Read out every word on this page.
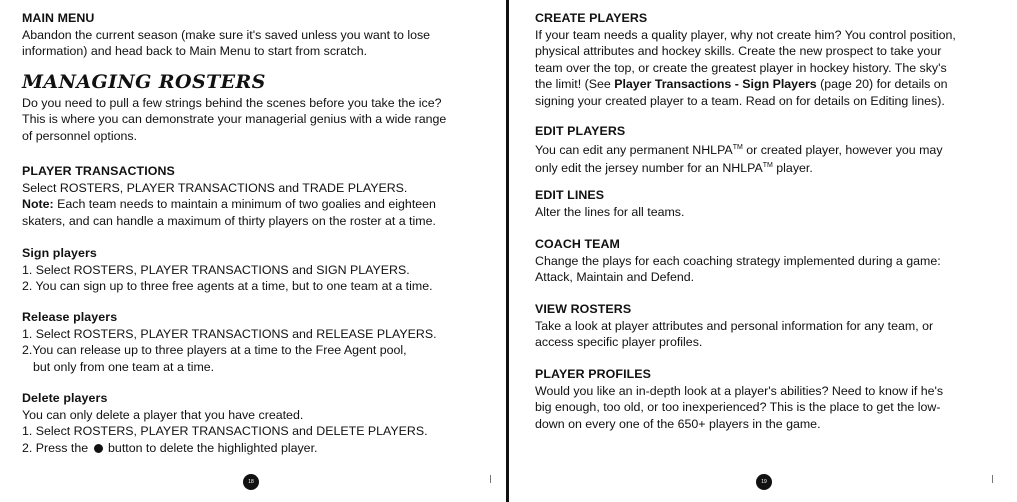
MAIN MENU

Abandon the current season (make sure it's saved unless you want to lose

information) and head back to Main Menu to start from scratch.

MANAGING ROSTERS

Do you need to pull a few strings behind the scenes before you take the ice?

This is where you can demonstrate your managerial genius with a wide range

of personnel options.

PLAYER TRANSACTIONS

Select ROSTERS, PLAYER TRANSACTIONS and TRADE PLAYERS.

Note: Each team needs to maintain a minimum of two goalies and eighteen

skaters, and can handle a maximum of thirty players on the roster at a time.

Sign players

1. Select ROSTERS, PLAYER TRANSACTIONS and SIGN PLAYERS.

2. You can sign up to three free agents at a time, but to one team at a time.

Release players

1. Select ROSTERS, PLAYER TRANSACTIONS and RELEASE PLAYERS.

2.You can release up to three players at a time to the Free Agent pool,

but only from one team at a time.

Delete players

You can only delete a player that you have created.

1. Select ROSTERS, PLAYER TRANSACTIONS and DELETE PLAYERS.

2. Press the button to delete the highlighted player.

18

CREATE PLAYERS

If your team needs a quality player, why not create him? You control position,

physical attributes and hockey skills. Create the new prospect to take your

team over the top, or create the greatest player in hockey history. The sky's

the limit! (See Player Transactions - Sign Players (page 20) for details on

signing your created player to a team. Read on for details on Editing lines).

EDIT PLAYERS

You can edit any permanent NHLPA™ or created player, however you may

only edit the jersey number for an NHLPA™ player.

EDIT LINES

Alter the lines for all teams.

COACH TEAM

Change the plays for each coaching strategy implemented during a game:

Attack, Maintain and Defend.

VIEW ROSTERS

Take a look at player attributes and personal information for any team, or

access specific player profiles.

PLAYER PROFILES

Would you like an in-depth look at a player's abilities? Need to know if he's

big enough, too old, or too inexperienced? This is the place to get the low-

down on every one of the 650+ players in the game.

19
